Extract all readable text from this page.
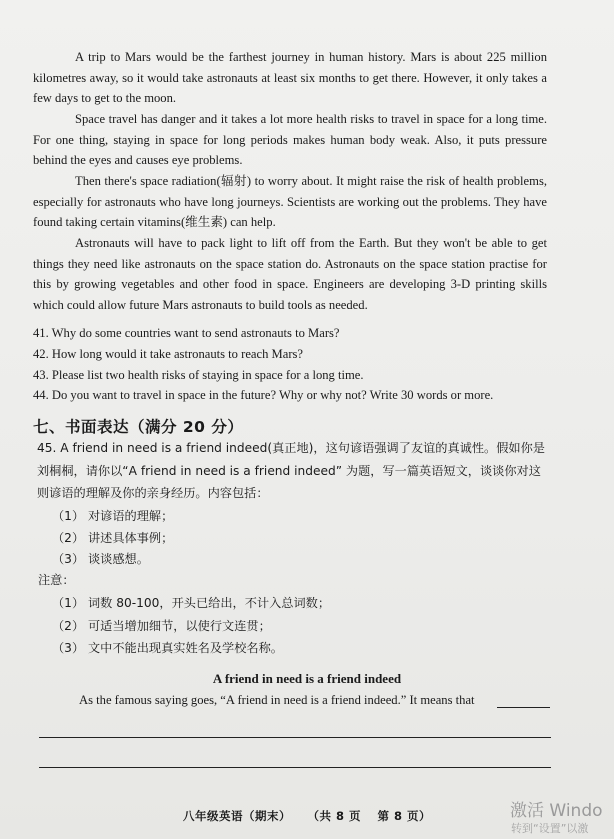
A trip to Mars would be the farthest journey in human history. Mars is about 225 million kilometres away, so it would take astronauts at least six months to get there. However, it only takes a few days to get to the moon.

Space travel has danger and it takes a lot more health risks to travel in space for a long time. For one thing, staying in space for long periods makes human body weak. Also, it puts pressure behind the eyes and causes eye problems.

Then there's space radiation(辐射) to worry about. It might raise the risk of health problems, especially for astronauts who have long journeys. Scientists are working out the problems. They have found taking certain vitamins(维生素) can help.

Astronauts will have to pack light to lift off from the Earth. But they won't be able to get things they need like astronauts on the space station do. Astronauts on the space station practise for this by growing vegetables and other food in space. Engineers are developing 3-D printing skills which could allow future Mars astronauts to build tools as needed.

41. Why do some countries want to send astronauts to Mars?

42. How long would it take astronauts to reach Mars?

43. Please list two health risks of staying in space for a long time.

44. Do you want to travel in space in the future? Why or why not? Write 30 words or more.

七、书面表达（满分 20 分）

45. A friend in need is a friend indeed(真正地)，这句谚语强调了友谊的真诚性。假如你是刘桐桐，请你以“A friend in need is a friend indeed” 为题，写一篇英语短文，谈谈你对这则谚语的理解及你的亲身经历。内容包括：

（1） 对谚语的理解；
（2） 讲述具体事例；
（3） 谈谈感想。
注意：
（1） 词数 80-100，开头已给出，不计入总词数；
（2） 可适当增加细节，以使行文连贯；
（3） 文中不能出现真实姓名及学校名称。
A friend in need is a friend indeed
As the famous saying goes, “A friend in need is a friend indeed.” It means that
八年级英语（期末） （共 8 页 第 8 页）	激活 Windo
转到“设置”以激
